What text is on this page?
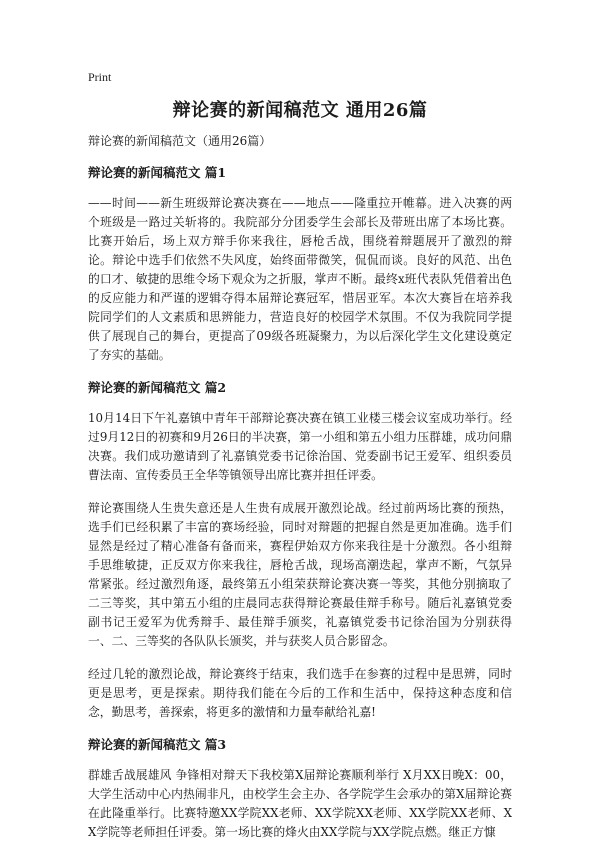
Print
辩论赛的新闻稿范文 通用26篇

辩论赛的新闻稿范文（通用26篇）

辩论赛的新闻稿范文 篇1

——时间——新生班级辩论赛决赛在——地点——隆重拉开帷幕。进入决赛的两个班级是一路过关斩将的。我院部分分团委学生会部长及带班出席了本场比赛。比赛开始后，场上双方辩手你来我往，唇枪舌战，围绕着辩题展开了激烈的辩论。辩论中选手们依然不失风度，始终面带微笑，侃侃而谈。良好的风范、出色的口才、敏捷的思维令场下观众为之折服，掌声不断。最终x班代表队凭借着出色的反应能力和严谨的逻辑夺得本届辩论赛冠军，惜居亚军。本次大赛旨在培养我院同学们的人文素质和思辨能力，营造良好的校园学术氛围。不仅为我院同学提供了展现自己的舞台，更提高了09级各班凝聚力，为以后深化学生文化建设奠定了夯实的基础。

辩论赛的新闻稿范文 篇2

10月14日下午礼嘉镇中青年干部辩论赛决赛在镇工业楼三楼会议室成功举行。经过9月12日的初赛和9月26日的半决赛，第一小组和第五小组力压群雄，成功问鼎决赛。我们成功邀请到了礼嘉镇党委书记徐治国、党委副书记王爱军、组织委员曹法南、宣传委员王全华等镇领导出席比赛并担任评委。

辩论赛围绕人生贵失意还是人生贵有成展开激烈论战。经过前两场比赛的预热，选手们已经积累了丰富的赛场经验，同时对辩题的把握自然是更加准确。选手们显然是经过了精心准备有备而来，赛程伊始双方你来我往是十分激烈。各小组辩手思维敏捷，正反双方你来我往，唇枪舌战，现场高潮迭起，掌声不断，气氛异常紧张。经过激烈角逐，最终第五小组荣获辩论赛决赛一等奖，其他分别摘取了二三等奖，其中第五小组的庄晨同志获得辩论赛最佳辩手称号。随后礼嘉镇党委副书记王爱军为优秀辩手、最佳辩手颁奖，礼嘉镇党委书记徐治国为分别获得一、二、三等奖的各队队长颁奖，并与获奖人员合影留念。

经过几轮的激烈论战，辩论赛终于结束，我们选手在参赛的过程中是思辨，同时更是思考，更是探索。期待我们能在今后的工作和生活中，保持这种态度和信念，勤思考，善探索，将更多的激情和力量奉献给礼嘉!

辩论赛的新闻稿范文 篇3

群雄舌战展雄风 争锋相对辩天下我校第X届辩论赛顺利举行 X月XX日晚X：00，大学生活动中心内热闹非凡，由校学生会主办、各学院学生会承办的第X届辩论赛在此隆重举行。比赛特邀XX学院XX老师、XX学院XX老师、XX学院XX老师、XX学院等老师担任评委。第一场比赛的烽火由XX学院与XX学院点燃。继正方慷
